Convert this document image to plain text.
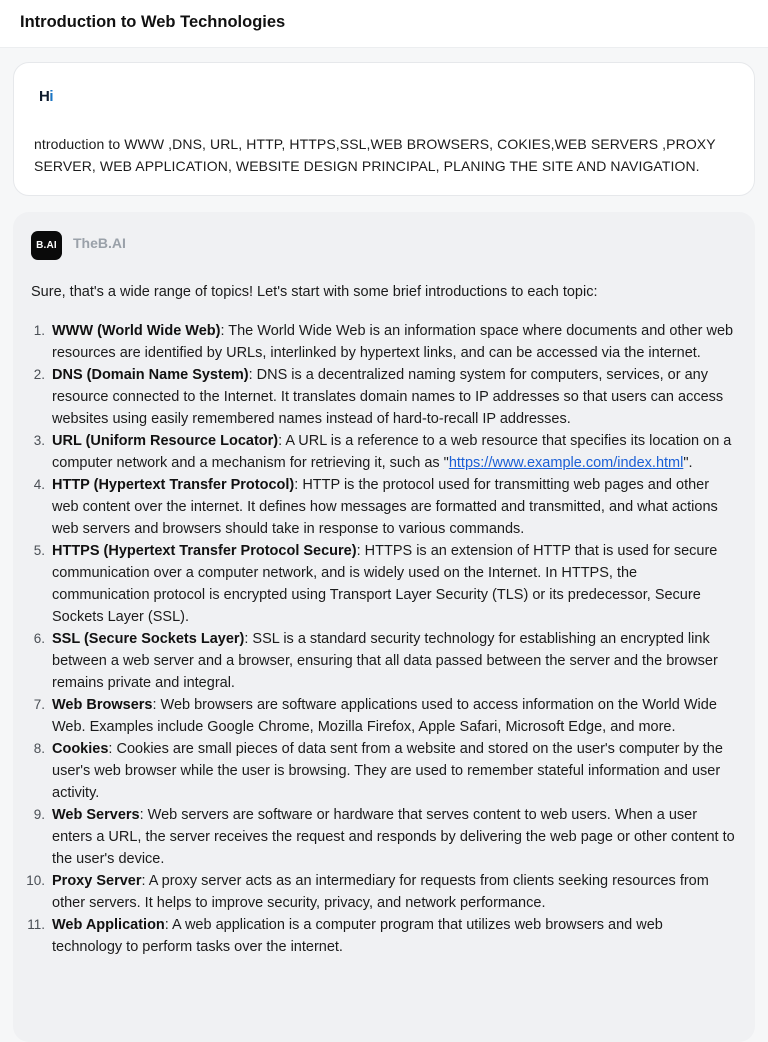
Introduction to Web Technologies
Hi
ntroduction to WWW ,DNS, URL, HTTP, HTTPS,SSL,WEB BROWSERS, COKIES,WEB SERVERS ,PROXY SERVER, WEB APPLICATION, WEBSITE DESIGN PRINCIPAL, PLANING THE SITE AND NAVIGATION.
B.AI	TheB.AI
Sure, that's a wide range of topics! Let's start with some brief introductions to each topic:
1. WWW (World Wide Web): The World Wide Web is an information space where documents and other web resources are identified by URLs, interlinked by hypertext links, and can be accessed via the internet.
2. DNS (Domain Name System): DNS is a decentralized naming system for computers, services, or any resource connected to the Internet. It translates domain names to IP addresses so that users can access websites using easily remembered names instead of hard-to-recall IP addresses.
3. URL (Uniform Resource Locator): A URL is a reference to a web resource that specifies its location on a computer network and a mechanism for retrieving it, such as "https://www.example.com/index.html".
4. HTTP (Hypertext Transfer Protocol): HTTP is the protocol used for transmitting web pages and other web content over the internet. It defines how messages are formatted and transmitted, and what actions web servers and browsers should take in response to various commands.
5. HTTPS (Hypertext Transfer Protocol Secure): HTTPS is an extension of HTTP that is used for secure communication over a computer network, and is widely used on the Internet. In HTTPS, the communication protocol is encrypted using Transport Layer Security (TLS) or its predecessor, Secure Sockets Layer (SSL).
6. SSL (Secure Sockets Layer): SSL is a standard security technology for establishing an encrypted link between a web server and a browser, ensuring that all data passed between the server and the browser remains private and integral.
7. Web Browsers: Web browsers are software applications used to access information on the World Wide Web. Examples include Google Chrome, Mozilla Firefox, Apple Safari, Microsoft Edge, and more.
8. Cookies: Cookies are small pieces of data sent from a website and stored on the user's computer by the user's web browser while the user is browsing. They are used to remember stateful information and user activity.
9. Web Servers: Web servers are software or hardware that serves content to web users. When a user enters a URL, the server receives the request and responds by delivering the web page or other content to the user's device.
10. Proxy Server: A proxy server acts as an intermediary for requests from clients seeking resources from other servers. It helps to improve security, privacy, and network performance.
11. Web Application: A web application is a computer program that utilizes web browsers and web technology to perform tasks over the internet.
